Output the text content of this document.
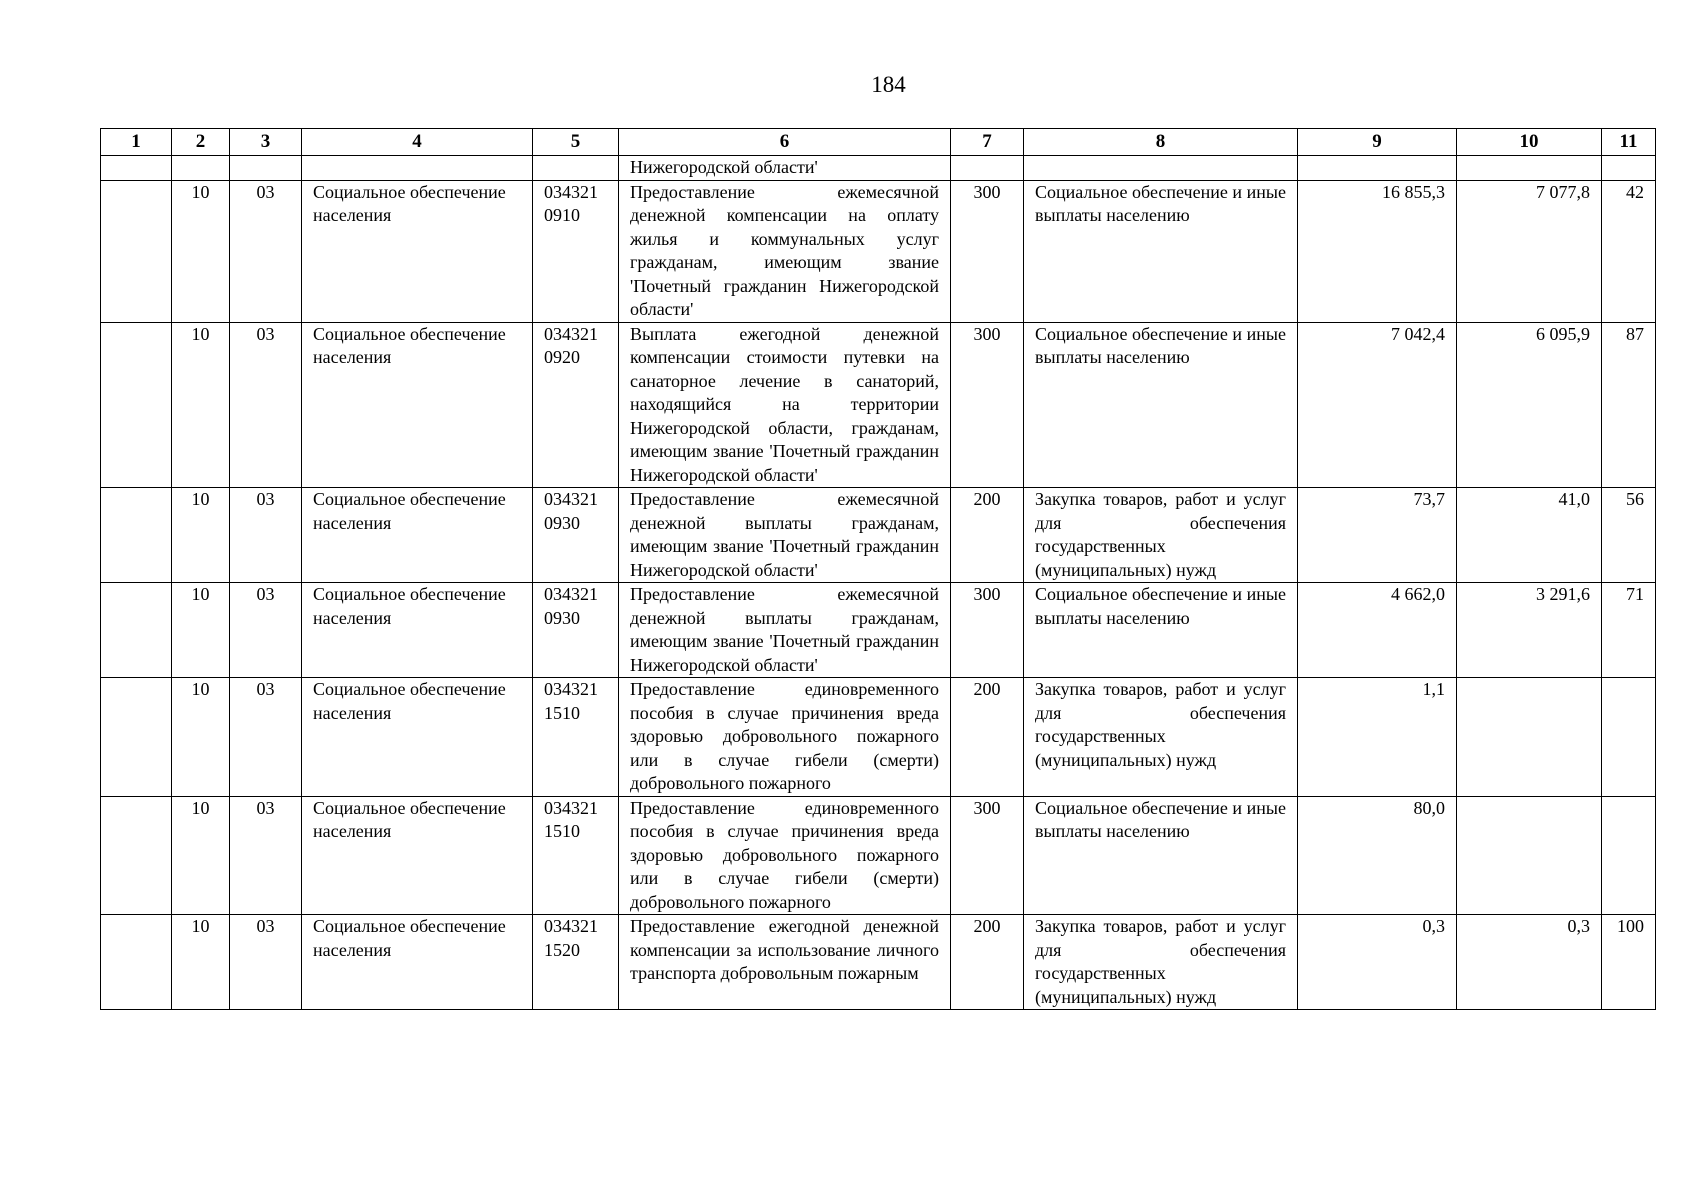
184
1	2	3	4	5	6	7	8	9	10	11
					Нижегородской области'					
	10	03	Социальное обеспечение населения	034321 0910	Предоставление ежемесячной денежной компенсации на оплату жилья и коммунальных услуг гражданам, имеющим звание 'Почетный гражданин Нижегородской области'	300	Социальное обеспечение и иные выплаты населению	16 855,3	7 077,8	42
	10	03	Социальное обеспечение населения	034321 0920	Выплата ежегодной денежной компенсации стоимости путевки на санаторное лечение в санаторий, находящийся на территории Нижегородской области, гражданам, имеющим звание 'Почетный гражданин Нижегородской области'	300	Социальное обеспечение и иные выплаты населению	7 042,4	6 095,9	87
	10	03	Социальное обеспечение населения	034321 0930	Предоставление ежемесячной денежной выплаты гражданам, имеющим звание 'Почетный гражданин Нижегородской области'	200	Закупка товаров, работ и услуг для обеспечения государственных (муниципальных) нужд	73,7	41,0	56
	10	03	Социальное обеспечение населения	034321 0930	Предоставление ежемесячной денежной выплаты гражданам, имеющим звание 'Почетный гражданин Нижегородской области'	300	Социальное обеспечение и иные выплаты населению	4 662,0	3 291,6	71
	10	03	Социальное обеспечение населения	034321 1510	Предоставление единовременного пособия в случае причинения вреда здоровью добровольного пожарного или в случае гибели (смерти) добровольного пожарного	200	Закупка товаров, работ и услуг для обеспечения государственных (муниципальных) нужд	1,1		
	10	03	Социальное обеспечение населения	034321 1510	Предоставление единовременного пособия в случае причинения вреда здоровью добровольного пожарного или в случае гибели (смерти) добровольного пожарного	300	Социальное обеспечение и иные выплаты населению	80,0		
	10	03	Социальное обеспечение населения	034321 1520	Предоставление ежегодной денежной компенсации за использование личного транспорта добровольным пожарным	200	Закупка товаров, работ и услуг для обеспечения государственных (муниципальных) нужд	0,3	0,3	100
